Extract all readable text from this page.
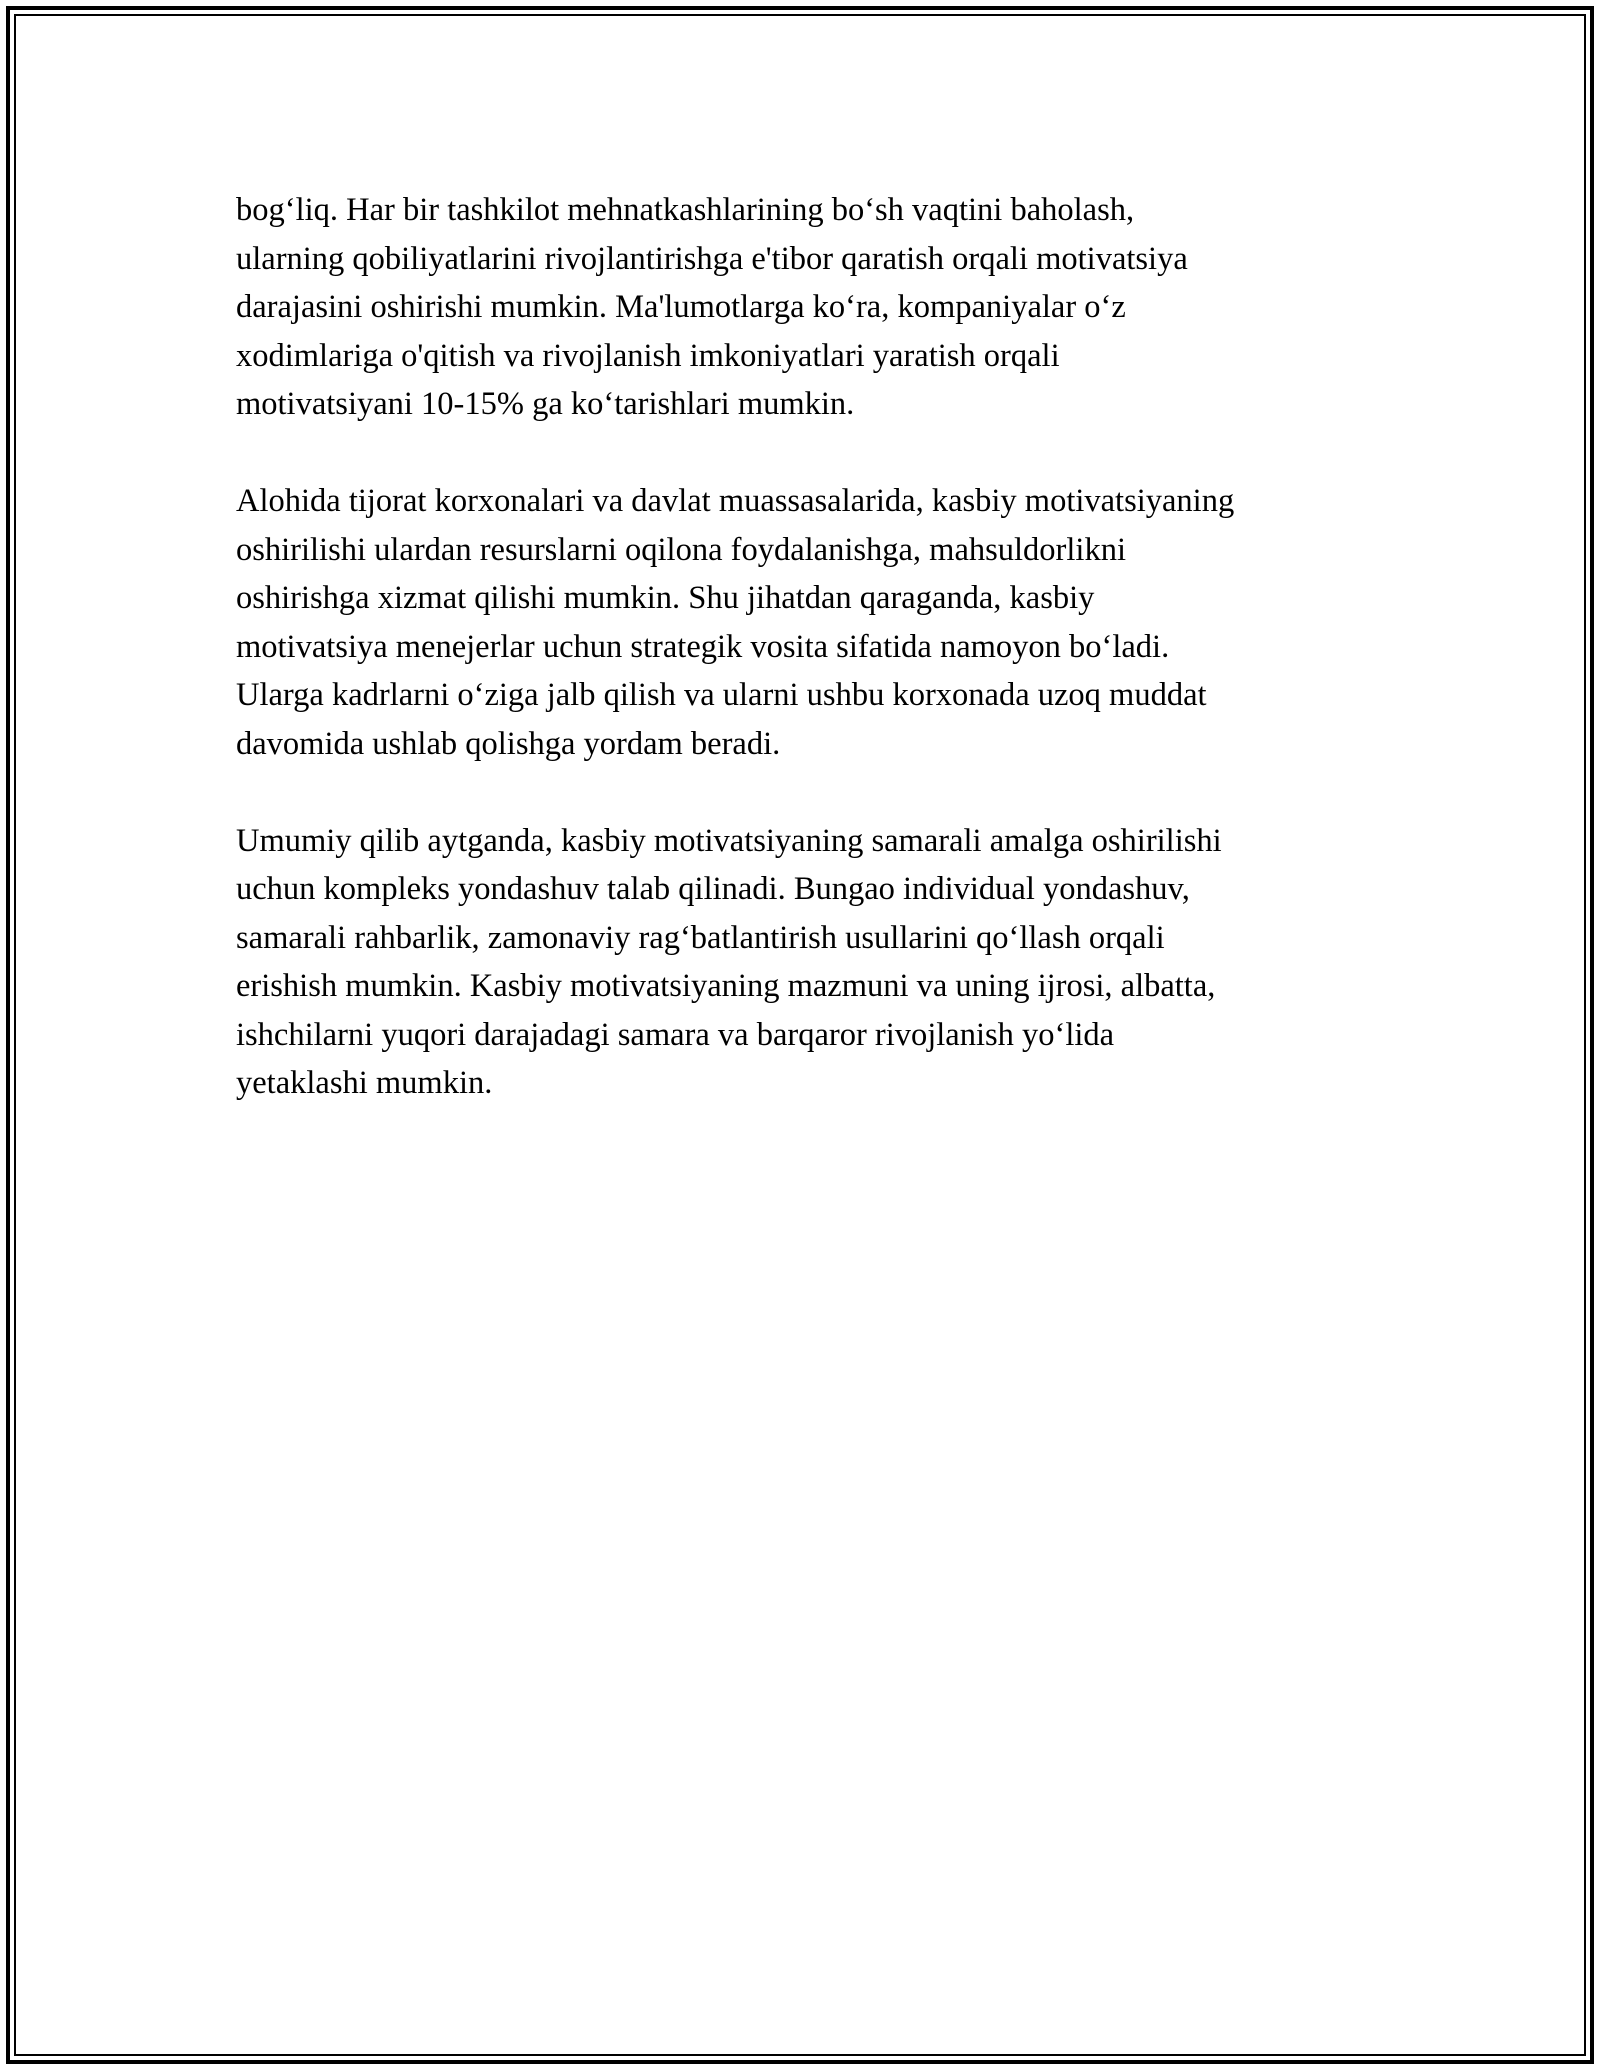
bog‘liq. Har bir tashkilot mehnatkashlarining bo‘sh vaqtini baholash,
ularning qobiliyatlarini rivojlantirishga e'tibor qaratish orqali motivatsiya
darajasini oshirishi mumkin. Ma'lumotlarga ko‘ra, kompaniyalar o‘z
xodimlariga o'qitish va rivojlanish imkoniyatlari yaratish orqali
motivatsiyani 10-15% ga ko‘tarishlari mumkin.

Alohida tijorat korxonalari va davlat muassasalarida, kasbiy motivatsiyaning
oshirilishi ulardan resurslarni oqilona foydalanishga, mahsuldorlikni
oshirishga xizmat qilishi mumkin. Shu jihatdan qaraganda, kasbiy
motivatsiya menejerlar uchun strategik vosita sifatida namoyon bo‘ladi.
Ularga kadrlarni o‘ziga jalb qilish va ularni ushbu korxonada uzoq muddat
davomida ushlab qolishga yordam beradi.

Umumiy qilib aytganda, kasbiy motivatsiyaning samarali amalga oshirilishi
uchun kompleks yondashuv talab qilinadi. Bungao individual yondashuv,
samarali rahbarlik, zamonaviy rag‘batlantirish usullarini qo‘llash orqali
erishish mumkin. Kasbiy motivatsiyaning mazmuni va uning ijrosi, albatta,
ishchilarni yuqori darajadagi samara va barqaror rivojlanish yo‘lida
yetaklashi mumkin.
